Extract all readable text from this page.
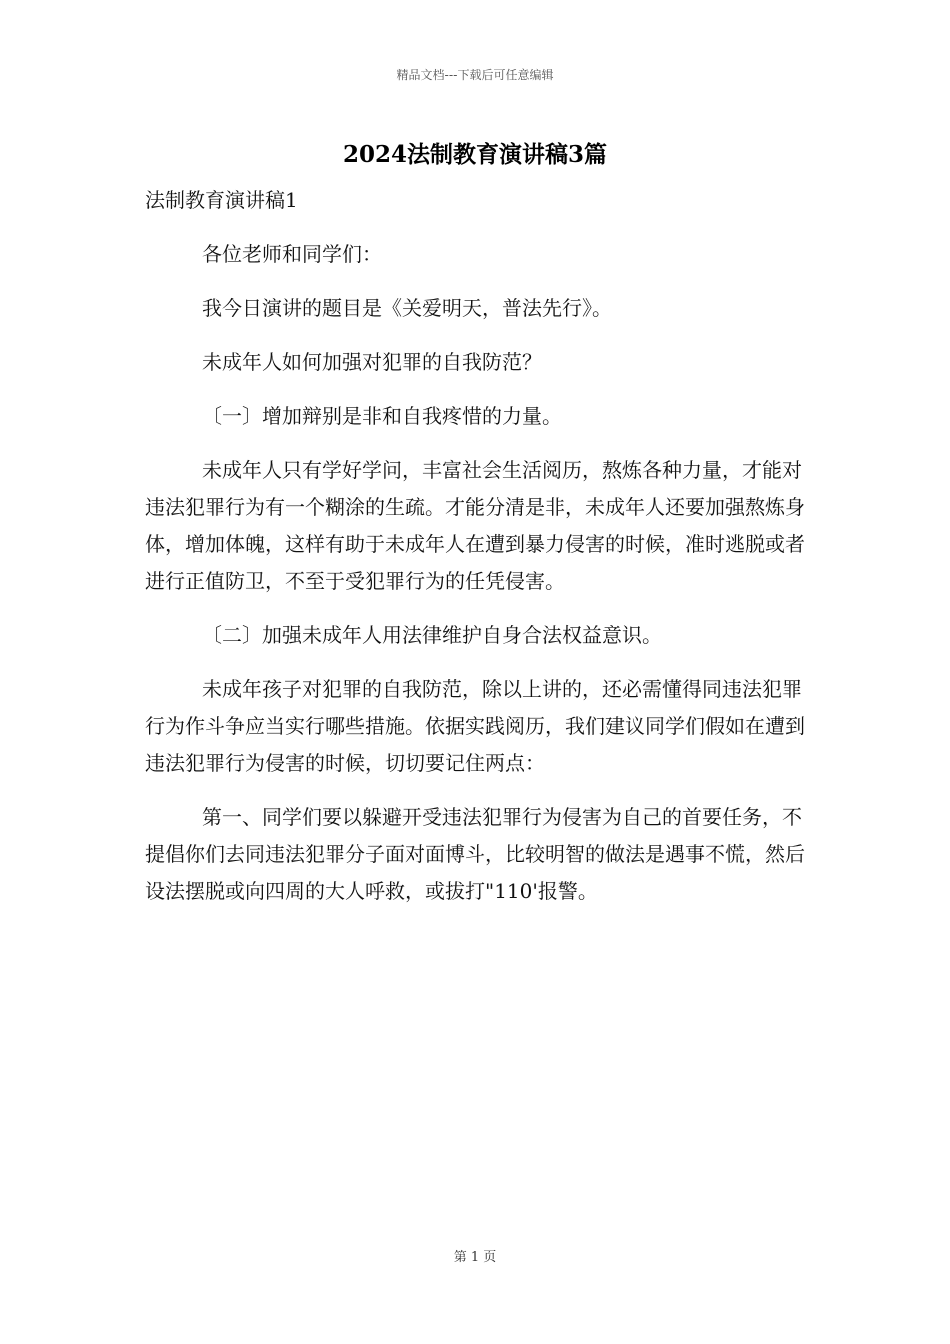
精品文档---下载后可任意编辑
2024法制教育演讲稿3篇

法制教育演讲稿1

各位老师和同学们：

我今日演讲的题目是《关爱明天，普法先行》。

未成年人如何加强对犯罪的自我防范？

〔一〕增加辩别是非和自我疼惜的力量。

未成年人只有学好学问，丰富社会生活阅历，熬炼各种力量，才能对违法犯罪行为有一个糊涂的生疏。才能分清是非，未成年人还要加强熬炼身体，增加体魄，这样有助于未成年人在遭到暴力侵害的时候，准时逃脱或者进行正值防卫，不至于受犯罪行为的任凭侵害。

〔二〕加强未成年人用法律维护自身合法权益意识。

未成年孩子对犯罪的自我防范，除以上讲的，还必需懂得同违法犯罪行为作斗争应当实行哪些措施。依据实践阅历，我们建议同学们假如在遭到违法犯罪行为侵害的时候，切切要记住两点：

第一、同学们要以躲避开受违法犯罪行为侵害为自己的首要任务，不提倡你们去同违法犯罪分子面对面博斗，比较明智的做法是遇事不慌，然后设法摆脱或向四周的大人呼救，或拔打"110'报警。

第 1 页
